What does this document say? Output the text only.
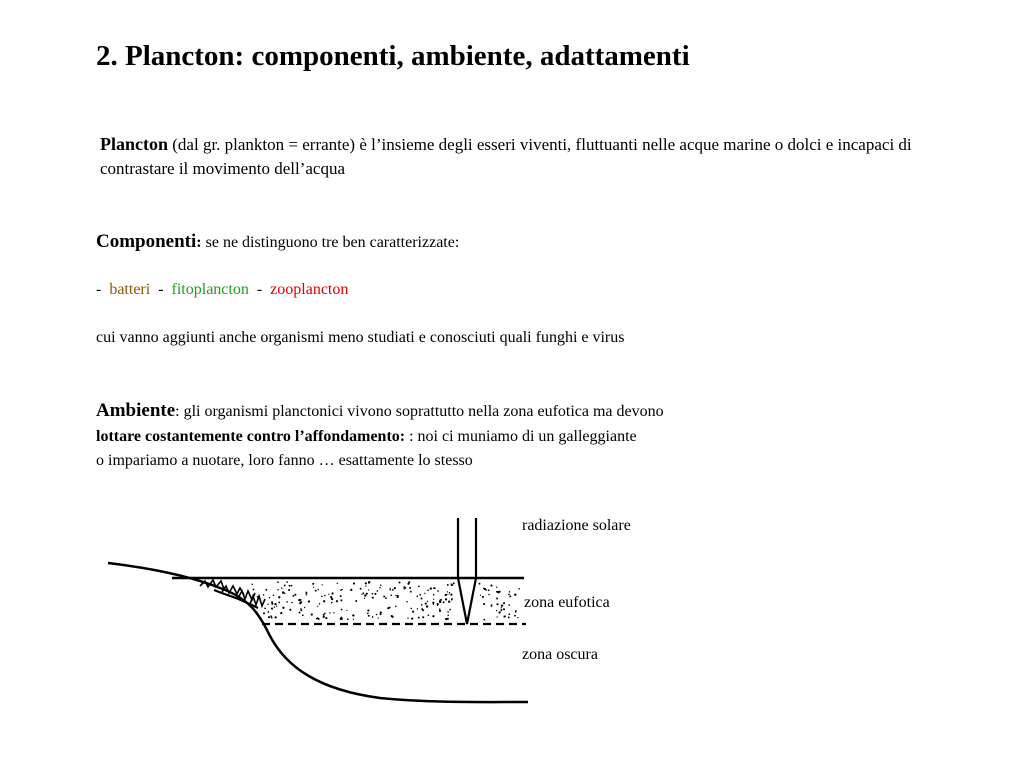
2. Plancton: componenti, ambiente, adattamenti
Plancton (dal gr. plankton = errante) è l’insieme degli esseri viventi, fluttuanti nelle acque marine o dolci e incapaci di contrastare il movimento dell’acqua
Componenti: se ne distinguono tre ben caratterizzate:
- batteri - fitoplancton - zooplancton
cui vanno aggiunti anche organismi meno studiati e conosciuti quali funghi e virus
Ambiente: gli organismi planctonici vivono soprattutto nella zona eufotica ma devono
lottare costantemente contro l’affondamento: : noi ci muniamo di un galleggiante
o impariamo a nuotare, loro fanno … esattamente lo stesso
radiazione solare
zona eufotica
zona oscura
